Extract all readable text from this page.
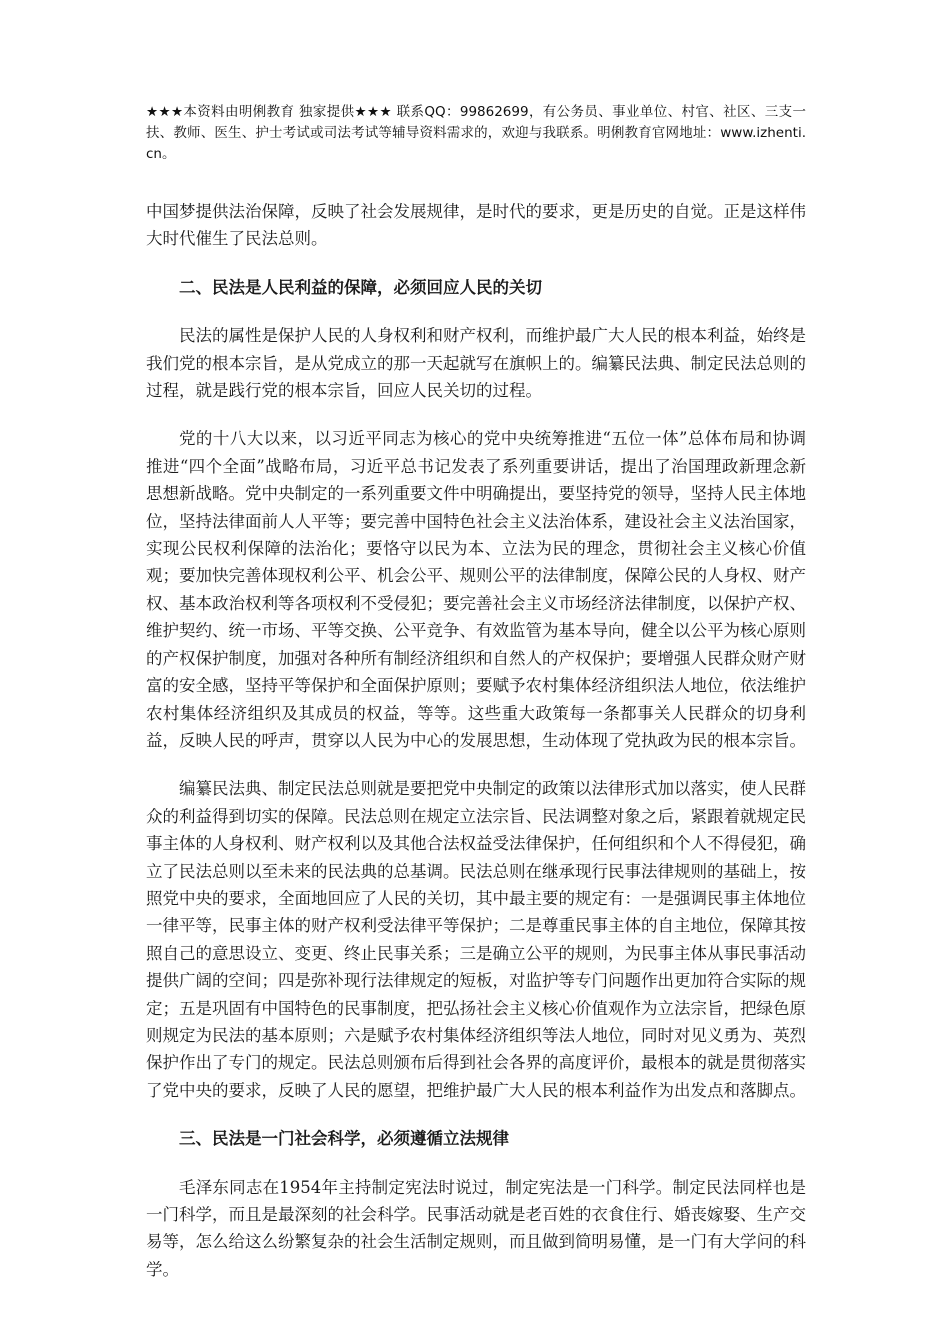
★★★本资料由明俐教育 独家提供★★★ 联系QQ：99862699，有公务员、事业单位、村官、社区、三支一扶、教师、医生、护士考试或司法考试等辅导资料需求的，欢迎与我联系。明俐教育官网地址：www.izhenti.cn。

中国梦提供法治保障，反映了社会发展规律，是时代的要求，更是历史的自觉。正是这样伟大时代催生了民法总则。

二、民法是人民利益的保障，必须回应人民的关切

民法的属性是保护人民的人身权利和财产权利，而维护最广大人民的根本利益，始终是我们党的根本宗旨，是从党成立的那一天起就写在旗帜上的。编纂民法典、制定民法总则的过程，就是践行党的根本宗旨，回应人民关切的过程。

党的十八大以来，以习近平同志为核心的党中央统筹推进“五位一体”总体布局和协调推进“四个全面”战略布局，习近平总书记发表了系列重要讲话，提出了治国理政新理念新思想新战略。党中央制定的一系列重要文件中明确提出，要坚持党的领导，坚持人民主体地位，坚持法律面前人人平等；要完善中国特色社会主义法治体系，建设社会主义法治国家，实现公民权利保障的法治化；要恪守以民为本、立法为民的理念，贯彻社会主义核心价值观；要加快完善体现权利公平、机会公平、规则公平的法律制度，保障公民的人身权、财产权、基本政治权利等各项权利不受侵犯；要完善社会主义市场经济法律制度，以保护产权、维护契约、统一市场、平等交换、公平竞争、有效监管为基本导向，健全以公平为核心原则的产权保护制度，加强对各种所有制经济组织和自然人的产权保护；要增强人民群众财产财富的安全感，坚持平等保护和全面保护原则；要赋予农村集体经济组织法人地位，依法维护农村集体经济组织及其成员的权益，等等。这些重大政策每一条都事关人民群众的切身利益，反映人民的呼声，贯穿以人民为中心的发展思想，生动体现了党执政为民的根本宗旨。

编纂民法典、制定民法总则就是要把党中央制定的政策以法律形式加以落实，使人民群众的利益得到切实的保障。民法总则在规定立法宗旨、民法调整对象之后，紧跟着就规定民事主体的人身权利、财产权利以及其他合法权益受法律保护，任何组织和个人不得侵犯，确立了民法总则以至未来的民法典的总基调。民法总则在继承现行民事法律规则的基础上，按照党中央的要求，全面地回应了人民的关切，其中最主要的规定有：一是强调民事主体地位一律平等，民事主体的财产权利受法律平等保护；二是尊重民事主体的自主地位，保障其按照自己的意思设立、变更、终止民事关系；三是确立公平的规则，为民事主体从事民事活动提供广阔的空间；四是弥补现行法律规定的短板，对监护等专门问题作出更加符合实际的规定；五是巩固有中国特色的民事制度，把弘扬社会主义核心价值观作为立法宗旨，把绿色原则规定为民法的基本原则；六是赋予农村集体经济组织等法人地位，同时对见义勇为、英烈保护作出了专门的规定。民法总则颁布后得到社会各界的高度评价，最根本的就是贯彻落实了党中央的要求，反映了人民的愿望，把维护最广大人民的根本利益作为出发点和落脚点。

三、民法是一门社会科学，必须遵循立法规律

毛泽东同志在1954年主持制定宪法时说过，制定宪法是一门科学。制定民法同样也是一门科学，而且是最深刻的社会科学。民事活动就是老百姓的衣食住行、婚丧嫁娶、生产交易等，怎么给这么纷繁复杂的社会生活制定规则，而且做到简明易懂，是一门有大学问的科学。
